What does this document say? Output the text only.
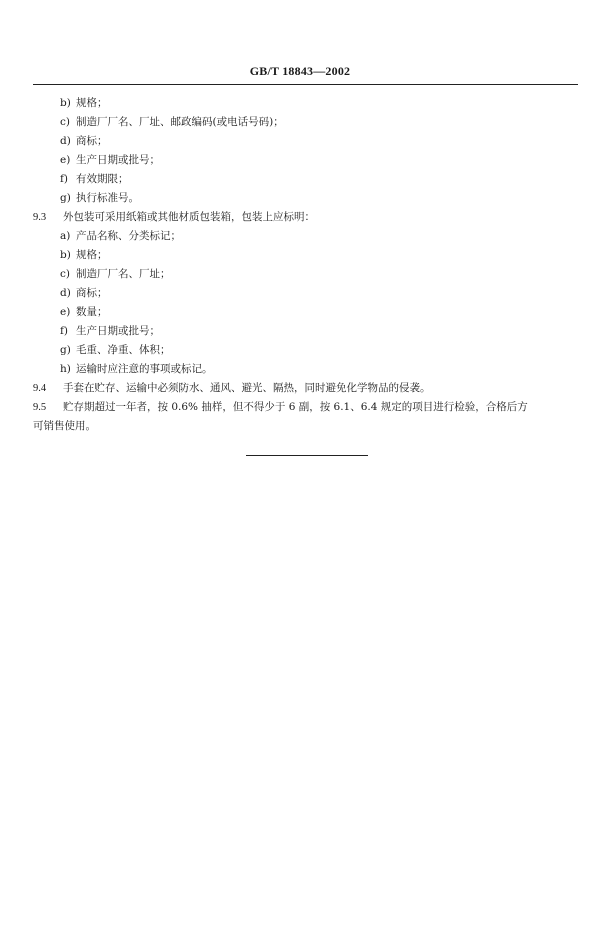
GB/T 18843—2002
b) 规格；
c) 制造厂厂名、厂址、邮政编码(或电话号码)；
d) 商标；
e) 生产日期或批号；
f) 有效期限；
g) 执行标准号。
9.3 外包装可采用纸箱或其他材质包装箱，包装上应标明：
a) 产品名称、分类标记；
b) 规格；
c) 制造厂厂名、厂址；
d) 商标；
e) 数量；
f) 生产日期或批号；
g) 毛重、净重、体积；
h) 运输时应注意的事项或标记。
9.4 手套在贮存、运输中必须防水、通风、避光、隔热，同时避免化学物品的侵袭。
9.5 贮存期超过一年者，按 0.6% 抽样，但不得少于 6 副，按 6.1、6.4 规定的项目进行检验，合格后方
可销售使用。
